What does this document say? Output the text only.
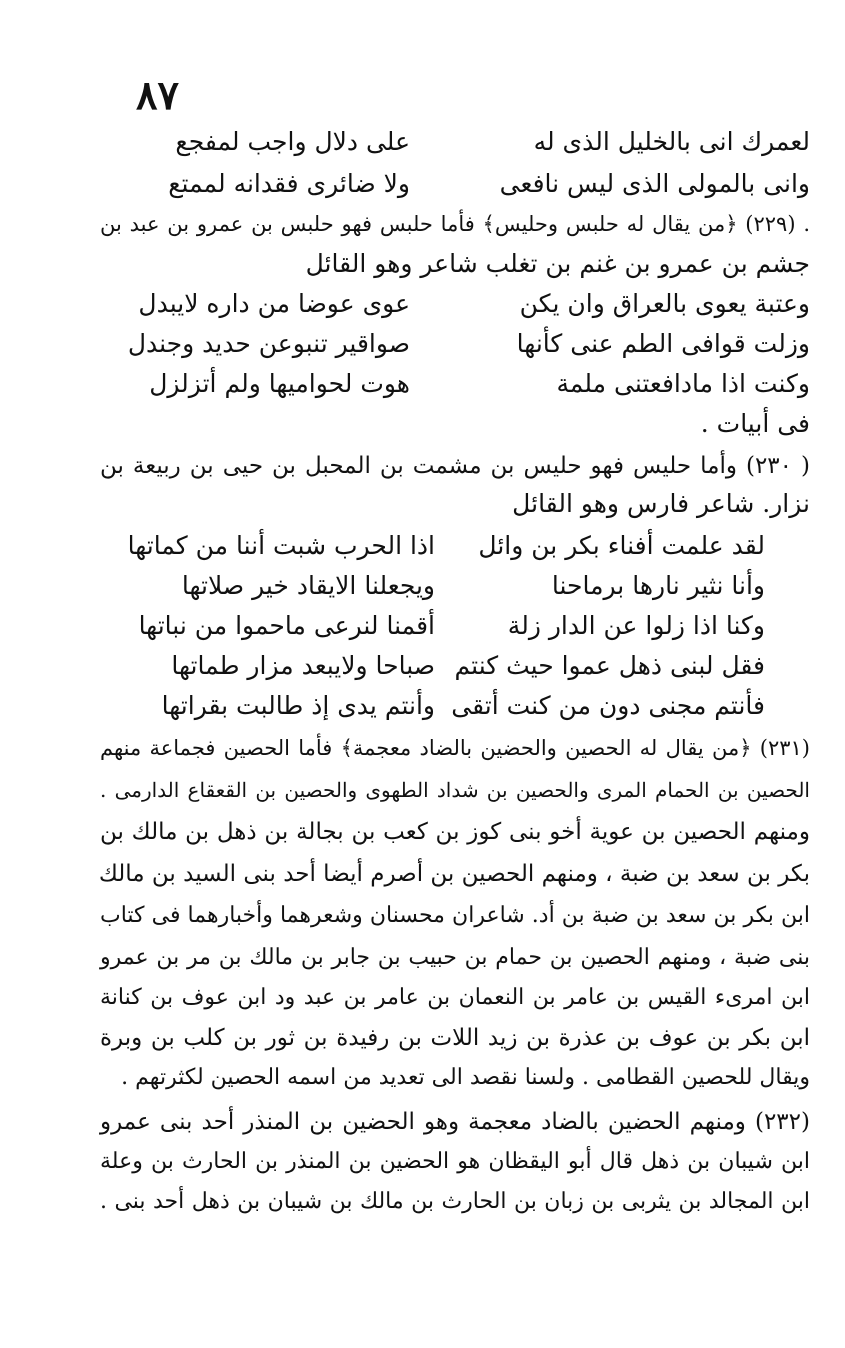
٨٧
لعمرك انى بالخليل الذى له
على دلال واجب لمفجع
وانى بالمولى الذى ليس نافعى
ولا ضائرى فقدانه لممتع
. (٢٢٩) ﴿من يقال له حلبس وحليس﴾ فأما حلبس فهو حلبس بن عمرو بن عبد بن
جشم بن عمرو بن غنم بن تغلب شاعر وهو القائل
وعتبة يعوى بالعراق وان يكن
عوى عوضا من داره لايبدل
وزلت قوافى الطم عنى كأنها
صواقير تنبوعن حديد وجندل
وكنت اذا مادافعتنى ملمة
هوت لحواميها ولم أتزلزل
فى أبيات .
( ٢٣٠) وأما حليس فهو حليس بن مشمت بن المحبل بن حيى بن ربيعة بن
نزار. شاعر فارس وهو القائل
لقد علمت أفناء بكر بن وائل
اذا الحرب شبت أننا من كماتها
وأنا نثير نارها برماحنا
ويجعلنا الايقاد خير صلاتها
وكنا اذا زلوا عن الدار زلة
أقمنا لنرعى ماحموا من نباتها
فقل لبنى ذهل عموا حيث كنتم
صباحا ولايبعد مزار طماتها
فأنتم مجنى دون من كنت أتقى
وأنتم يدى إذ طالبت بقراتها
(٢٣١) ﴿من يقال له الحصين والحضين بالضاد معجمة﴾ فأما الحصين فجماعة منهم
الحصين بن الحمام المرى والحصين بن شداد الطهوى والحصين بن القعقاع الدارمى .
ومنهم الحصين بن عوية أخو بنى كوز بن كعب بن بجالة بن ذهل بن مالك بن
بكر بن سعد بن ضبة ، ومنهم الحصين بن أصرم أيضا أحد بنى السيد بن مالك
ابن بكر بن سعد بن ضبة بن أد. شاعران محسنان وشعرهما وأخبارهما فى كتاب
بنى ضبة ، ومنهم الحصين بن حمام بن حبيب بن جابر بن مالك بن مر بن عمرو
ابن امرىء القيس بن عامر بن النعمان بن عامر بن عبد ود ابن عوف بن كنانة
ابن بكر بن عوف بن عذرة بن زيد اللات بن رفيدة بن ثور بن كلب بن وبرة
ويقال للحصين القطامى . ولسنا نقصد الى تعديد من اسمه الحصين لكثرتهم .
(٢٣٢) ومنهم الحضين بالضاد معجمة وهو الحضين بن المنذر أحد بنى عمرو
ابن شيبان بن ذهل قال أبو اليقظان هو الحضين بن المنذر بن الحارث بن وعلة
ابن المجالد بن يثربى بن زبان بن الحارث بن مالك بن شيبان بن ذهل أحد بنى .
